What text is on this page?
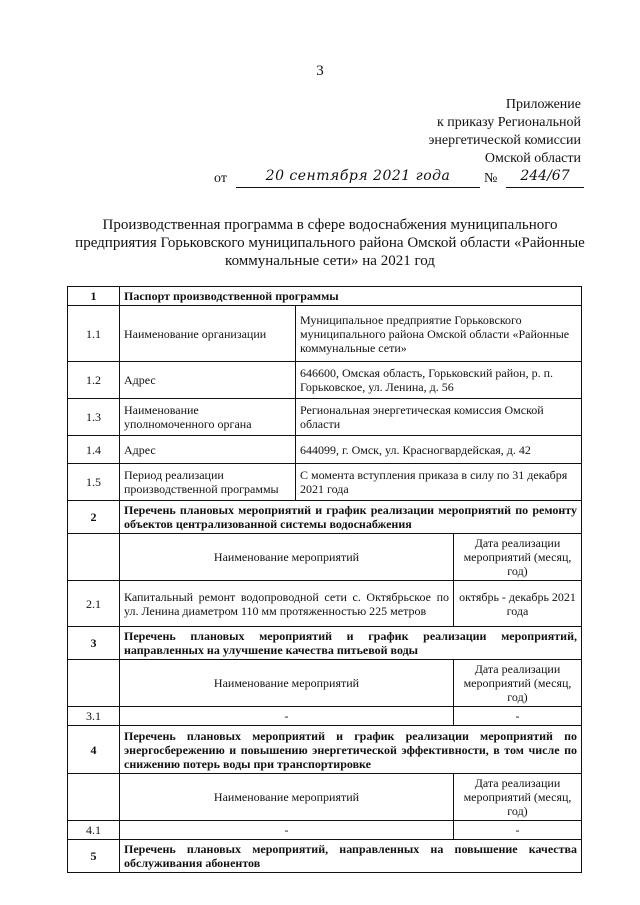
3
Приложение
к приказу Региональной
энергетической комиссии
Омской области
от	20 сентября 2021 года	№	244/67
Производственная программа в сфере водоснабжения муниципального
предприятия Горьковского муниципального района Омской области «Районные
коммунальные сети» на 2021 год
1	Паспорт производственной программы		
1.1	Наименование организации	Муниципальное предприятие Горьковского муниципального района Омской области «Районные коммунальные сети»	
1.2	Адрес	646600, Омская область, Горьковский район, р. п. Горьковское, ул. Ленина, д. 56	
1.3	Наименование уполномоченного органа	Региональная энергетическая комиссия Омской области	
1.4	Адрес	644099, г. Омск, ул. Красногвардейская, д. 42	
1.5	Период реализации производственной программы	С момента вступления приказа в силу по 31 декабря 2021 года	
2	Перечень плановых мероприятий и график реализации мероприятий по ремонту объектов централизованной системы водоснабжения		
	Наименование мероприятий		Дата реализации мероприятий (месяц, год)
2.1	Капитальный ремонт водопроводной сети с. Октябрьское по ул. Ленина диаметром 110 мм протяженностью 225 метров		октябрь - декабрь 2021 года
3	Перечень плановых мероприятий и график реализации мероприятий, направленных на улучшение качества питьевой воды		
	Наименование мероприятий		Дата реализации мероприятий (месяц, год)
3.1	-		-
4	Перечень плановых мероприятий и график реализации мероприятий по энергосбережению и повышению энергетической эффективности, в том числе по снижению потерь воды при транспортировке		
	Наименование мероприятий		Дата реализации мероприятий (месяц, год)
4.1	-		-
5	Перечень плановых мероприятий, направленных на повышение качества обслуживания абонентов		
